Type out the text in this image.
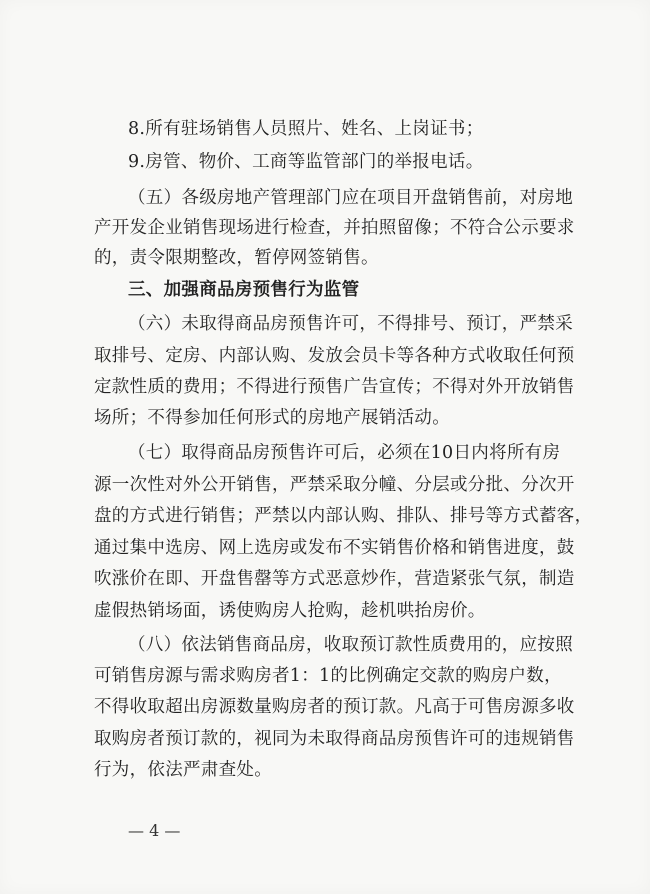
8.所有驻场销售人员照片、姓名、上岗证书；
9.房管、物价、工商等监管部门的举报电话。
（五）各级房地产管理部门应在项目开盘销售前，对房地
产开发企业销售现场进行检查，并拍照留像；不符合公示要求
的，责令限期整改，暂停网签销售。
三、加强商品房预售行为监管
（六）未取得商品房预售许可，不得排号、预订，严禁采
取排号、定房、内部认购、发放会员卡等各种方式收取任何预
定款性质的费用；不得进行预售广告宣传；不得对外开放销售
场所；不得参加任何形式的房地产展销活动。
（七）取得商品房预售许可后，必须在10日内将所有房
源一次性对外公开销售，严禁采取分幢、分层或分批、分次开
盘的方式进行销售；严禁以内部认购、排队、排号等方式蓄客，
通过集中选房、网上选房或发布不实销售价格和销售进度，鼓
吹涨价在即、开盘售罄等方式恶意炒作，营造紧张气氛，制造
虚假热销场面，诱使购房人抢购，趁机哄抬房价。
（八）依法销售商品房，收取预订款性质费用的，应按照
可销售房源与需求购房者1：1的比例确定交款的购房户数，
不得收取超出房源数量购房者的预订款。凡高于可售房源多收
取购房者预订款的，视同为未取得商品房预售许可的违规销售
行为，依法严肃查处。
— 4 —
